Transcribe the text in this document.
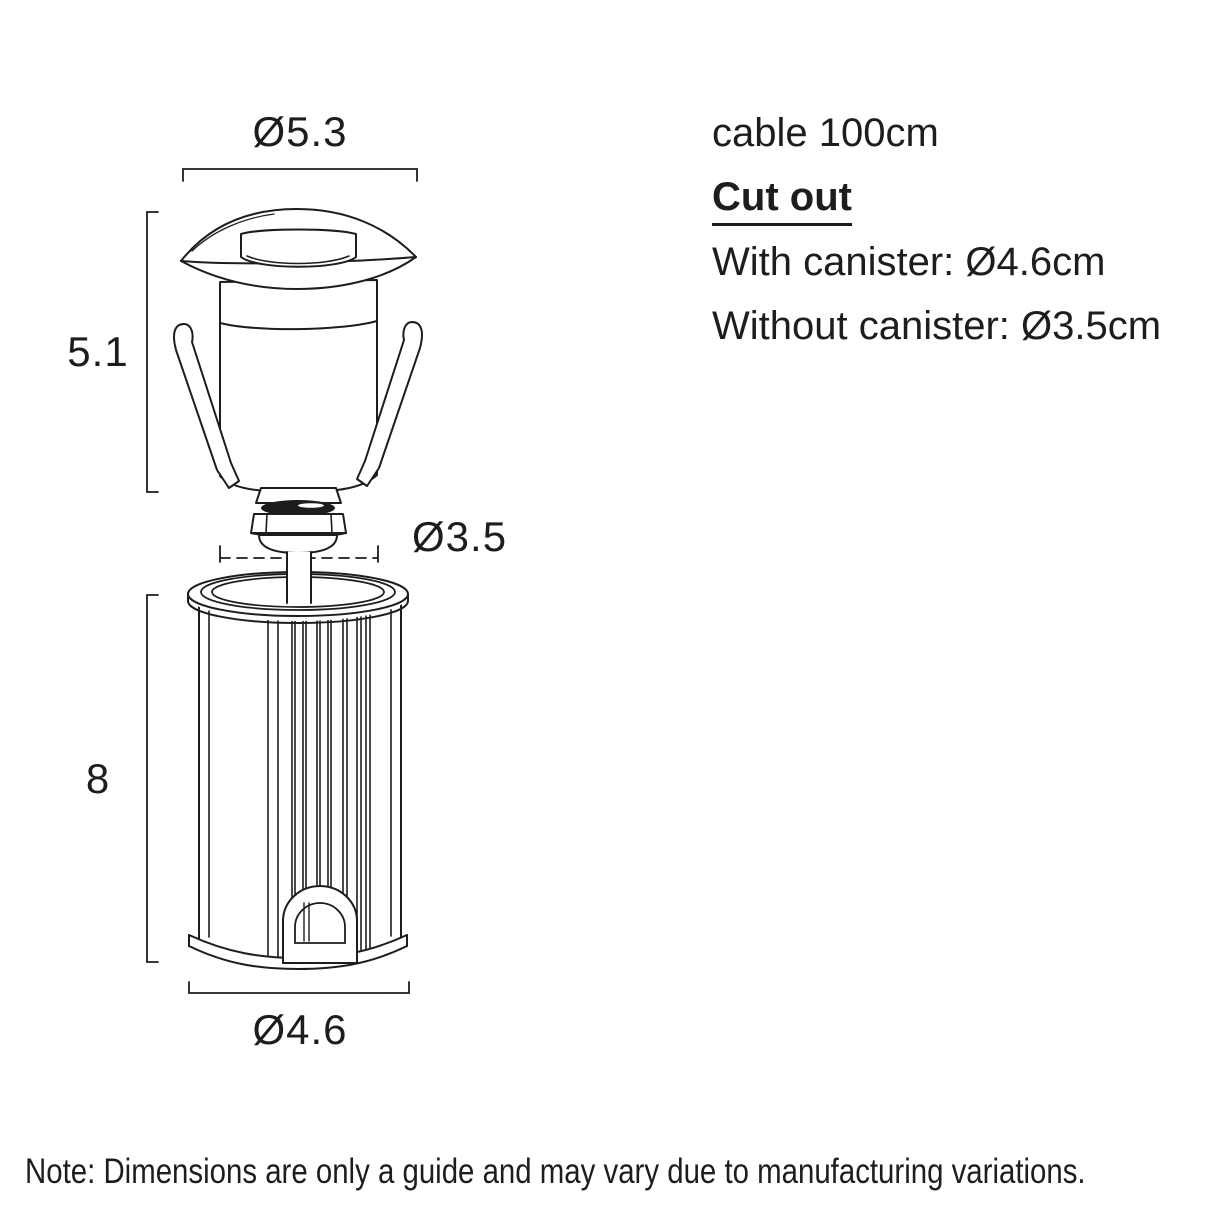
Ø5.3
5.1
Ø3.5
8
Ø4.6
cable 100cm
Cut out
With canister: Ø4.6cm
Without canister: Ø3.5cm
Note: Dimensions are only a guide and may vary due to manufacturing variations.
